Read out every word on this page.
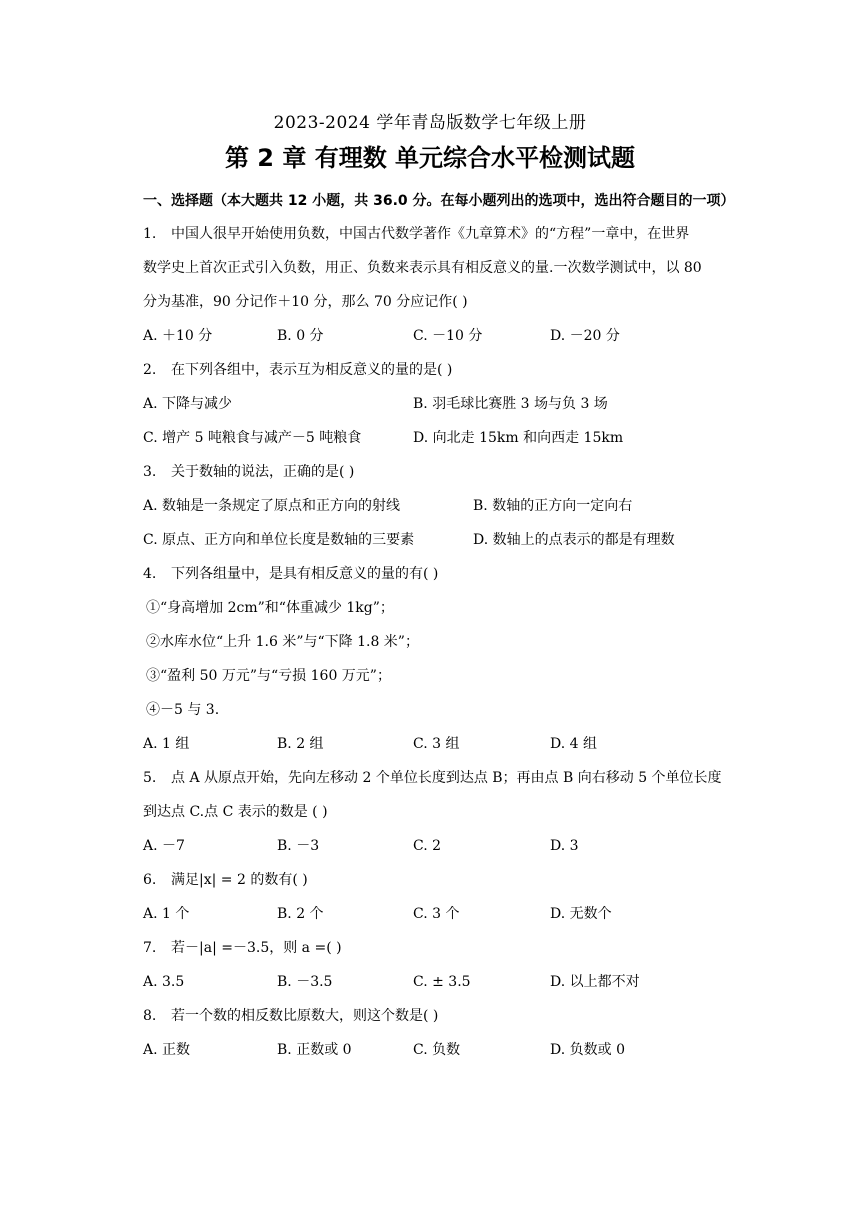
2023-2024 学年青岛版数学七年级上册
第 2 章 有理数 单元综合水平检测试题
一、选择题（本大题共 12 小题，共 36.0 分。在每小题列出的选项中，选出符合题目的一项）
1. 中国人很早开始使用负数，中国古代数学著作《九章算术》的“方程”一章中，在世界
数学史上首次正式引入负数，用正、负数来表示具有相反意义的量.一次数学测试中，以 80
分为基准，90 分记作＋10 分，那么 70 分应记作( )
A. ＋10 分	B. 0 分	C. －10 分	D. －20 分
2. 在下列各组中，表示互为相反意义的量的是( )
A. 下降与减少	B. 羽毛球比赛胜 3 场与负 3 场
C. 增产 5 吨粮食与减产－5 吨粮食	D. 向北走 15km 和向西走 15km
3. 关于数轴的说法，正确的是( )
A. 数轴是一条规定了原点和正方向的射线	B. 数轴的正方向一定向右
C. 原点、正方向和单位长度是数轴的三要素	D. 数轴上的点表示的都是有理数
4. 下列各组量中，是具有相反意义的量的有( )
①“身高增加 2cm”和“体重减少 1kg”；
②水库水位“上升 1.6 米”与“下降 1.8 米”；
③“盈利 50 万元”与“亏损 160 万元”；
④－5 与 3.
A. 1 组	B. 2 组	C. 3 组	D. 4 组
5. 点 A 从原点开始，先向左移动 2 个单位长度到达点 B；再由点 B 向右移动 5 个单位长度
到达点 C.点 C 表示的数是 ( )
A. －7	B. －3	C. 2	D. 3
6. 满足|x| = 2 的数有( )
A. 1 个	B. 2 个	C. 3 个	D. 无数个
7. 若－|a| =－3.5，则 a =( )
A. 3.5	B. －3.5	C. ± 3.5	D. 以上都不对
8. 若一个数的相反数比原数大，则这个数是( )
A. 正数	B. 正数或 0	C. 负数	D. 负数或 0
